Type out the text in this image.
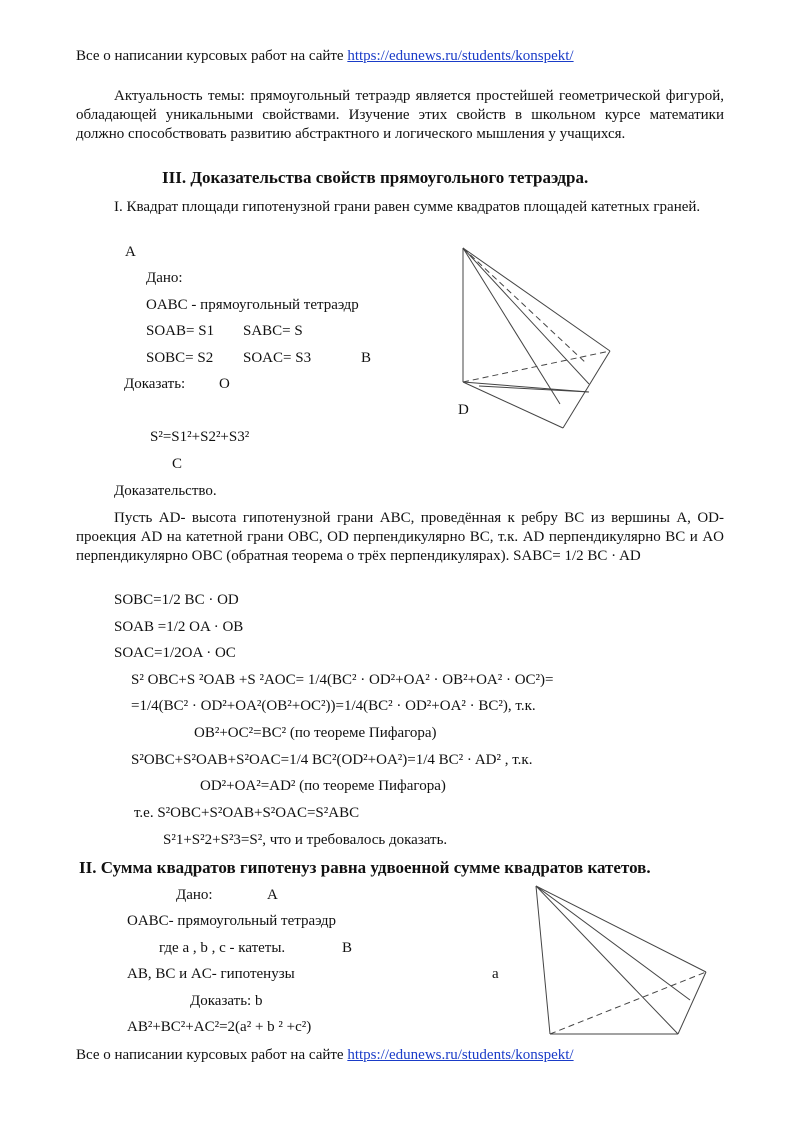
Все о написании курсовых работ на сайте https://edunews.ru/students/konspekt/
Актуальность темы: прямоугольный тетраэдр является простейшей геометрической фигурой, обладающей уникальными свойствами. Изучение этих свойств в школьном курсе математики должно способствовать развитию абстрактного и логического мышления у учащихся.
III. Доказательства свойств прямоугольного тетраэдра.
I. Квадрат площади гипотенузной грани равен сумме квадратов площадей катетных граней.
A
Дано:
OABC - прямоугольный тетраэдр
SOAB= S1 SABC= S
SOBC= S2 SOAC= S3	B
Доказать: O
D
S²=S1²+S2²+S3²
C
Доказательство.
Пусть AD- высота гипотенузной грани ABC, проведённая к ребру BC из вершины A, OD- проекция AD на катетной грани OBC, OD перпендикулярно BC, т.к. AD перпендикулярно BC и AO перпендикулярно OBC (обратная теорема о трёх перпендикулярах). SABC= 1/2 BC · AD
SOBC=1/2 BC · OD
SOAB =1/2 OA · OB
SOAC=1/2OA · OC
S² OBC+S ²OAB +S ²AOC= 1/4(BC² · OD²+OA² · OB²+OA² · OC²)=
=1/4(BC² · OD²+OA²(OB²+OC²))=1/4(BC² · OD²+OA² · BC²), т.к.
OB²+OC²=BC² (по теореме Пифагора)
S²OBC+S²OAB+S²OAC=1/4 BC²(OD²+OA²)=1/4 BC² · AD² , т.к.
OD²+OA²=AD² (по теореме Пифагора)
т.е. S²OBC+S²OAB+S²OAC=S²ABC
S²1+S²2+S²3=S², что и требовалось доказать.
II. Сумма квадратов гипотенуз равна удвоенной сумме квадратов катетов.
Дано:	A
OABC- прямоугольный тетраэдр
где a , b , c - катеты.	B
AB, BC и AC- гипотенузы	a
Доказать: b
AB²+BC²+AC²=2(a² + b ² +c²)
Все о написании курсовых работ на сайте https://edunews.ru/students/konspekt/
